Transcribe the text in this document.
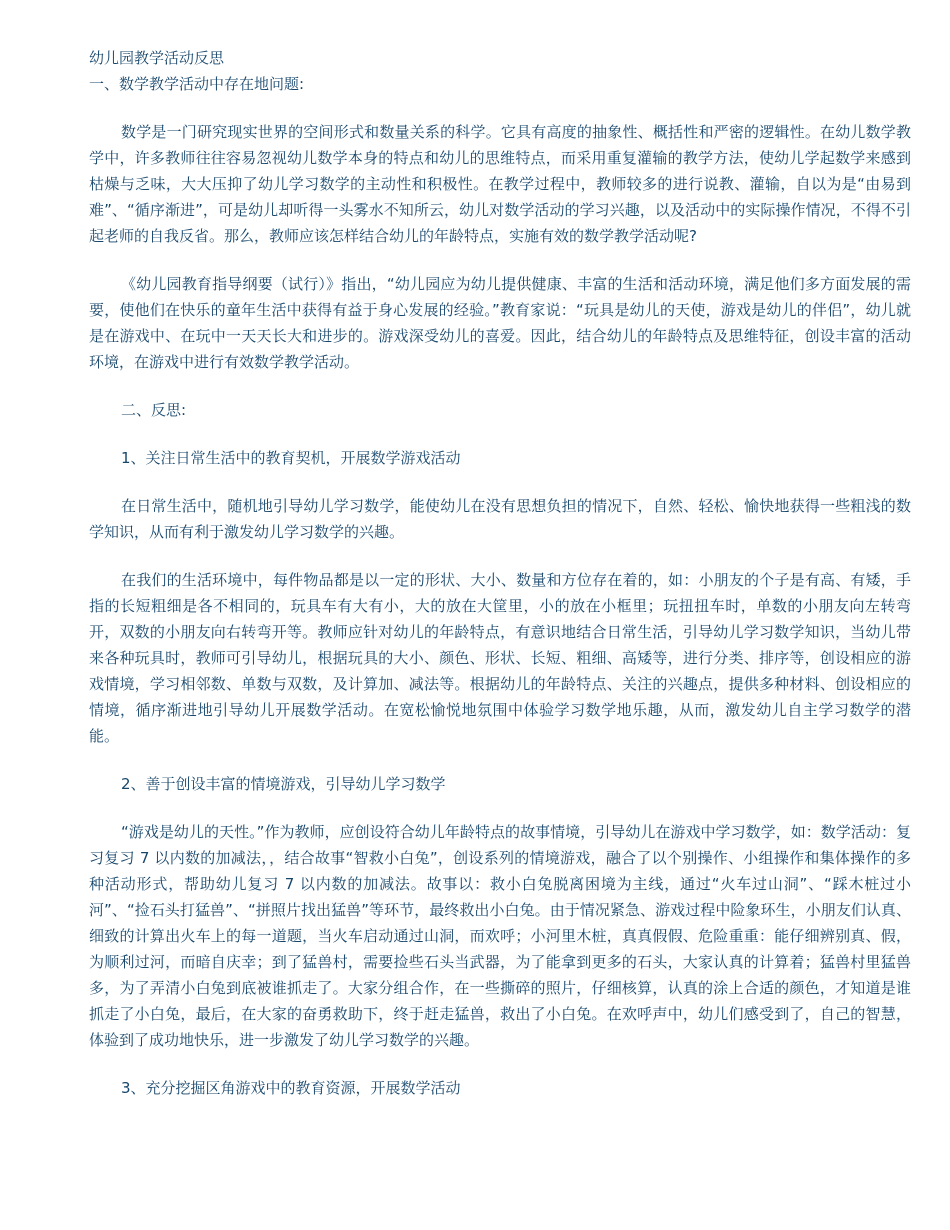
幼儿园教学活动反思

一、数学教学活动中存在地问题:

数学是一门研究现实世界的空间形式和数量关系的科学。它具有高度的抽象性、概括性和严密的逻辑性。在幼儿数学教学中，许多教师往往容易忽视幼儿数学本身的特点和幼儿的思维特点，而采用重复灌输的教学方法，使幼儿学起数学来感到枯燥与乏味，大大压抑了幼儿学习数学的主动性和积极性。在教学过程中，教师较多的进行说教、灌输，自以为是“由易到难”、“循序渐进”，可是幼儿却听得一头雾水不知所云，幼儿对数学活动的学习兴趣，以及活动中的实际操作情况，不得不引起老师的自我反省。那么，教师应该怎样结合幼儿的年龄特点，实施有效的数学教学活动呢?

《幼儿园教育指导纲要（试行）》指出，“幼儿园应为幼儿提供健康、丰富的生活和活动环境，满足他们多方面发展的需要，使他们在快乐的童年生活中获得有益于身心发展的经验。”教育家说：“玩具是幼儿的天使，游戏是幼儿的伴侣”，幼儿就是在游戏中、在玩中一天天长大和进步的。游戏深受幼儿的喜爱。因此，结合幼儿的年龄特点及思维特征，创设丰富的活动环境，在游戏中进行有效数学教学活动。

二、反思:

1、关注日常生活中的教育契机，开展数学游戏活动

在日常生活中，随机地引导幼儿学习数学，能使幼儿在没有思想负担的情况下，自然、轻松、愉快地获得一些粗浅的数学知识，从而有利于激发幼儿学习数学的兴趣。

在我们的生活环境中，每件物品都是以一定的形状、大小、数量和方位存在着的，如：小朋友的个子是有高、有矮，手指的长短粗细是各不相同的，玩具车有大有小，大的放在大筐里，小的放在小框里；玩扭扭车时，单数的小朋友向左转弯开，双数的小朋友向右转弯开等。教师应针对幼儿的年龄特点，有意识地结合日常生活，引导幼儿学习数学知识，当幼儿带来各种玩具时，教师可引导幼儿，根据玩具的大小、颜色、形状、长短、粗细、高矮等，进行分类、排序等，创设相应的游戏情境，学习相邻数、单数与双数，及计算加、减法等。根据幼儿的年龄特点、关注的兴趣点，提供多种材料、创设相应的情境，循序渐进地引导幼儿开展数学活动。在宽松愉悦地氛围中体验学习数学地乐趣，从而，激发幼儿自主学习数学的潜能。

2、善于创设丰富的情境游戏，引导幼儿学习数学

“游戏是幼儿的天性。”作为教师，应创设符合幼儿年龄特点的故事情境，引导幼儿在游戏中学习数学，如：数学活动：复习复习 7 以内数的加减法，，结合故事“智救小白兔”，创设系列的情境游戏，融合了以个别操作、小组操作和集体操作的多种活动形式，帮助幼儿复习 7 以内数的加减法。故事以：救小白兔脱离困境为主线，通过“火车过山洞”、“踩木桩过小河”、“捡石头打猛兽”、“拼照片找出猛兽”等环节，最终救出小白兔。由于情况紧急、游戏过程中险象环生，小朋友们认真、细致的计算出火车上的每一道题，当火车启动通过山洞，而欢呼；小河里木桩，真真假假、危险重重：能仔细辨别真、假，为顺利过河，而暗自庆幸；到了猛兽村，需要捡些石头当武器，为了能拿到更多的石头，大家认真的计算着；猛兽村里猛兽多，为了弄清小白兔到底被谁抓走了。大家分组合作，在一些撕碎的照片，仔细核算，认真的涂上合适的颜色，才知道是谁抓走了小白兔，最后，在大家的奋勇救助下，终于赶走猛兽，救出了小白兔。在欢呼声中，幼儿们感受到了，自己的智慧，体验到了成功地快乐，进一步激发了幼儿学习数学的兴趣。

3、充分挖掘区角游戏中的教育资源，开展数学活动
